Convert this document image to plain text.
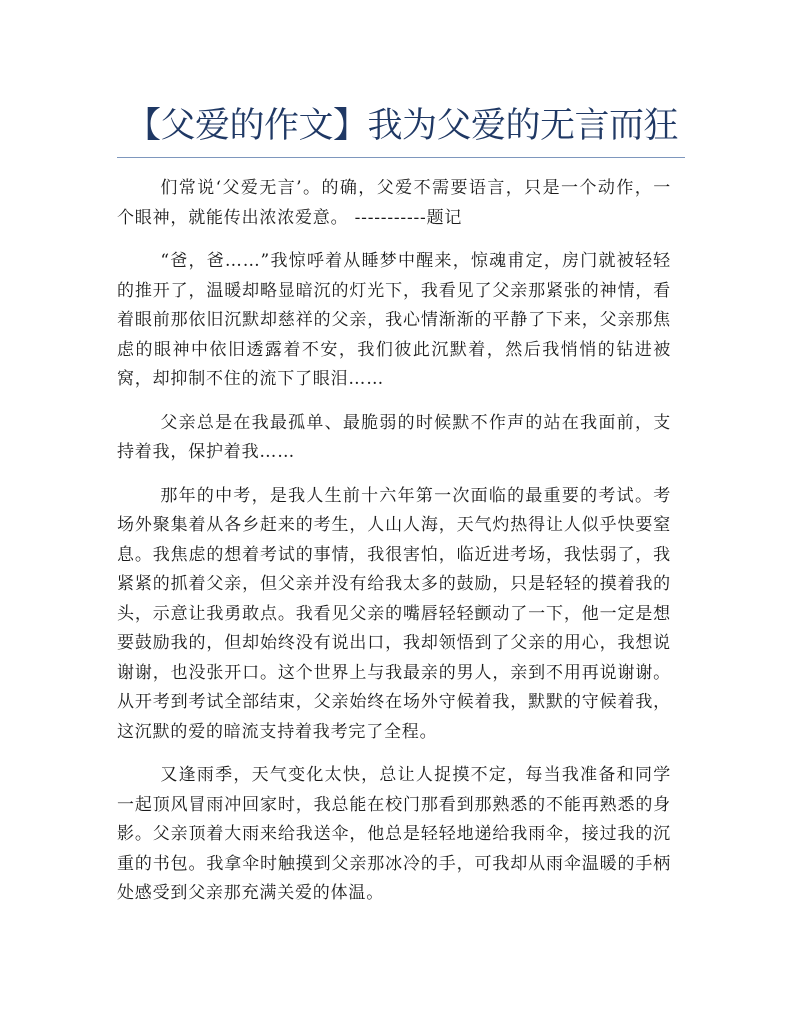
【父爱的作文】我为父爱的无言而狂

们常说‘父爱无言’。的确，父爱不需要语言，只是一个动作，一个眼神，就能传出浓浓爱意。 -----------题记

“爸，爸……”我惊呼着从睡梦中醒来，惊魂甫定，房门就被轻轻的推开了，温暖却略显暗沉的灯光下，我看见了父亲那紧张的神情，看着眼前那依旧沉默却慈祥的父亲，我心情渐渐的平静了下来，父亲那焦虑的眼神中依旧透露着不安，我们彼此沉默着，然后我悄悄的钻进被窝，却抑制不住的流下了眼泪……

父亲总是在我最孤单、最脆弱的时候默不作声的站在我面前，支持着我，保护着我……

那年的中考，是我人生前十六年第一次面临的最重要的考试。考场外聚集着从各乡赶来的考生，人山人海，天气灼热得让人似乎快要窒息。我焦虑的想着考试的事情，我很害怕，临近进考场，我怯弱了，我紧紧的抓着父亲，但父亲并没有给我太多的鼓励，只是轻轻的摸着我的头，示意让我勇敢点。我看见父亲的嘴唇轻轻颤动了一下，他一定是想要鼓励我的，但却始终没有说出口，我却领悟到了父亲的用心，我想说谢谢，也没张开口。这个世界上与我最亲的男人，亲到不用再说谢谢。从开考到考试全部结束，父亲始终在场外守候着我，默默的守候着我，这沉默的爱的暗流支持着我考完了全程。

又逢雨季，天气变化太快，总让人捉摸不定，每当我准备和同学一起顶风冒雨冲回家时，我总能在校门那看到那熟悉的不能再熟悉的身影。父亲顶着大雨来给我送伞，他总是轻轻地递给我雨伞，接过我的沉重的书包。我拿伞时触摸到父亲那冰冷的手，可我却从雨伞温暖的手柄处感受到父亲那充满关爱的体温。
